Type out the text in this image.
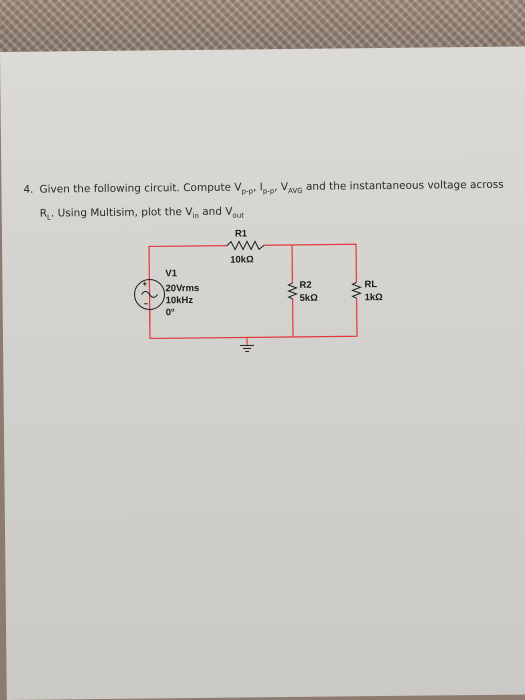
4. Given the following circuit. Compute $V_{p-p}$, $I_{p-p}$, $V_{AVG}$ and the instantaneous voltage across
$R_L$. Using Multisim, plot the $V_{in}$ and $V_{out}$
+
−
R1
10kΩ
V1
20Vrms
10kHz
0°
R2
5kΩ
RL
1kΩ
